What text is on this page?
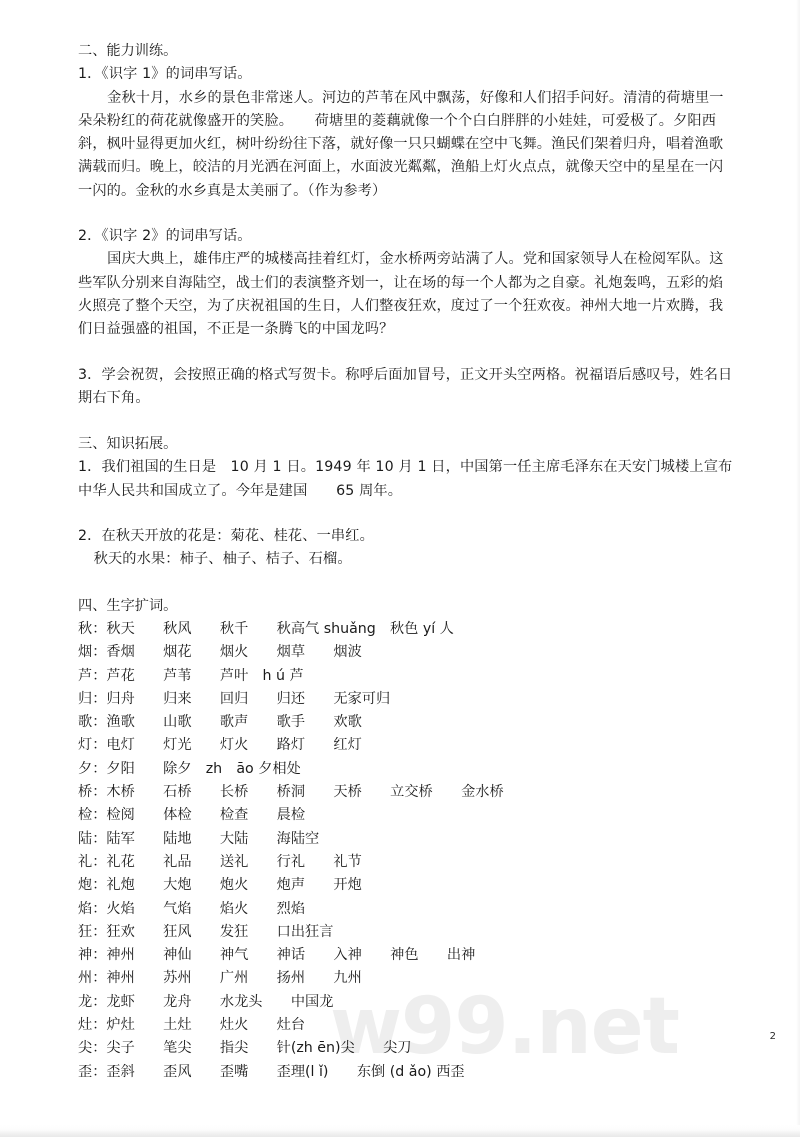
w99.net

二、能力训练。

1．《识字 1》的词串写话。

金秋十月，水乡的景色非常迷人。河边的芦苇在风中飘荡，好像和人们招手问好。清清的荷塘里一朵朵粉红的荷花就像盛开的笑脸。　　荷塘里的菱藕就像一个个白白胖胖的小娃娃，可爱极了。夕阳西斜，枫叶显得更加火红，树叶纷纷往下落，就好像一只只蝴蝶在空中飞舞。渔民们架着归舟，唱着渔歌满载而归。晚上，皎洁的月光洒在河面上，水面波光粼粼，渔船上灯火点点，就像天空中的星星在一闪一闪的。金秋的水乡真是太美丽了。（作为参考）

2．《识字 2》的词串写话。

国庆大典上，雄伟庄严的城楼高挂着红灯，金水桥两旁站满了人。党和国家领导人在检阅军队。这些军队分别来自海陆空，战士们的表演整齐划一，让在场的每一个人都为之自豪。礼炮轰鸣，五彩的焰火照亮了整个天空，为了庆祝祖国的生日，人们整夜狂欢，度过了一个狂欢夜。神州大地一片欢腾，我们日益强盛的祖国，不正是一条腾飞的中国龙吗？

3．学会祝贺，会按照正确的格式写贺卡。称呼后面加冒号，正文开头空两格。祝福语后感叹号，姓名日期右下角。

三、知识拓展。

1．我们祖国的生日是　10 月 1 日。1949 年 10 月 1 日，中国第一任主席毛泽东在天安门城楼上宣布中华人民共和国成立了。今年是建国　　65 周年。

2．在秋天开放的花是：菊花、桂花、一串红。

秋天的水果：柿子、柚子、桔子、石榴。

四、生字扩词。

秋：秋天　　秋风　　秋千　　秋高气 shuǎng　秋色 yí 人

烟：香烟　　烟花　　烟火　　烟草　　烟波

芦：芦花　　芦苇　　芦叶　h ú 芦

归：归舟　　归来　　回归　　归还　　无家可归

歌：渔歌　　山歌　　歌声　　歌手　　欢歌

灯：电灯　　灯光　　灯火　　路灯　　红灯

夕：夕阳　　除夕　zh　āo 夕相处

桥：木桥　　石桥　　长桥　　桥洞　　天桥　　立交桥　　金水桥

检：检阅　　体检　　检查　　晨检

陆：陆军　　陆地　　大陆　　海陆空

礼：礼花　　礼品　　送礼　　行礼　　礼节

炮：礼炮　　大炮　　炮火　　炮声　　开炮

焰：火焰　　气焰　　焰火　　烈焰

狂：狂欢　　狂风　　发狂　　口出狂言

神：神州　　神仙　　神气　　神话　　入神　　神色　　出神

州：神州　　苏州　　广州　　扬州　　九州

龙：龙虾　　龙舟　　水龙头　　中国龙

灶：炉灶　　土灶　　灶火　　灶台

尖：尖子　　笔尖　　指尖　　针(zh ēn)尖　　尖刀

歪：歪斜　　歪风　　歪嘴　　歪理(l ǐ)　　东倒 (d ǎo) 西歪

2
